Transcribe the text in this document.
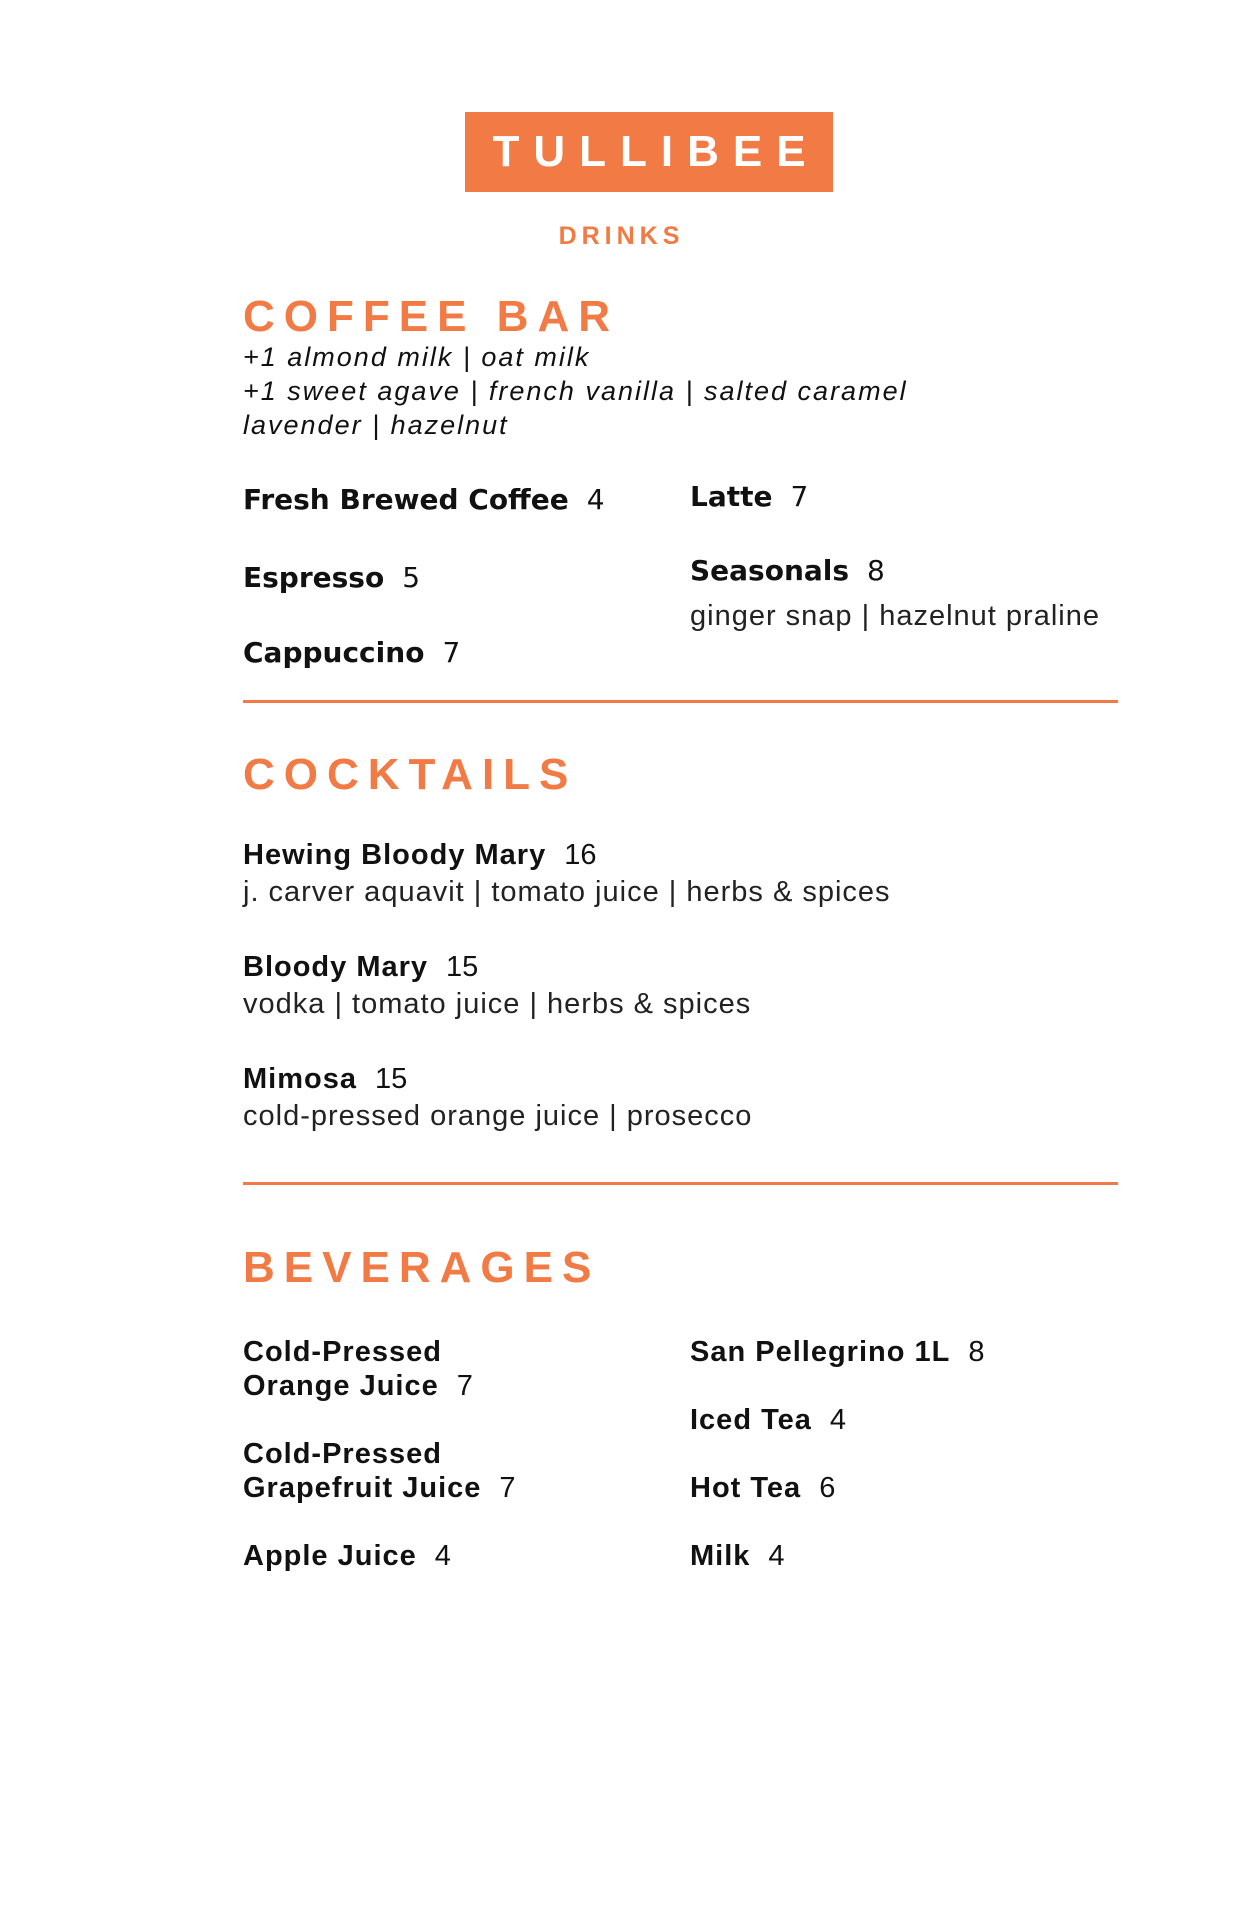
TULLIBEE
DRINKS
COFFEE BAR
+1 almond milk | oat milk
+1 sweet agave | french vanilla | salted caramel
lavender | hazelnut
Fresh Brewed Coffee 4
Espresso 5
Cappuccino 7
Latte 7
Seasonals 8
ginger snap | hazelnut praline
COCKTAILS
Hewing Bloody Mary 16
j. carver aquavit | tomato juice | herbs & spices
Bloody Mary 15
vodka | tomato juice | herbs & spices
Mimosa 15
cold-pressed orange juice | prosecco
BEVERAGES
Cold-Pressed
Orange Juice 7
Cold-Pressed
Grapefruit Juice 7
Apple Juice 4
San Pellegrino 1L 8
Iced Tea 4
Hot Tea 6
Milk 4
